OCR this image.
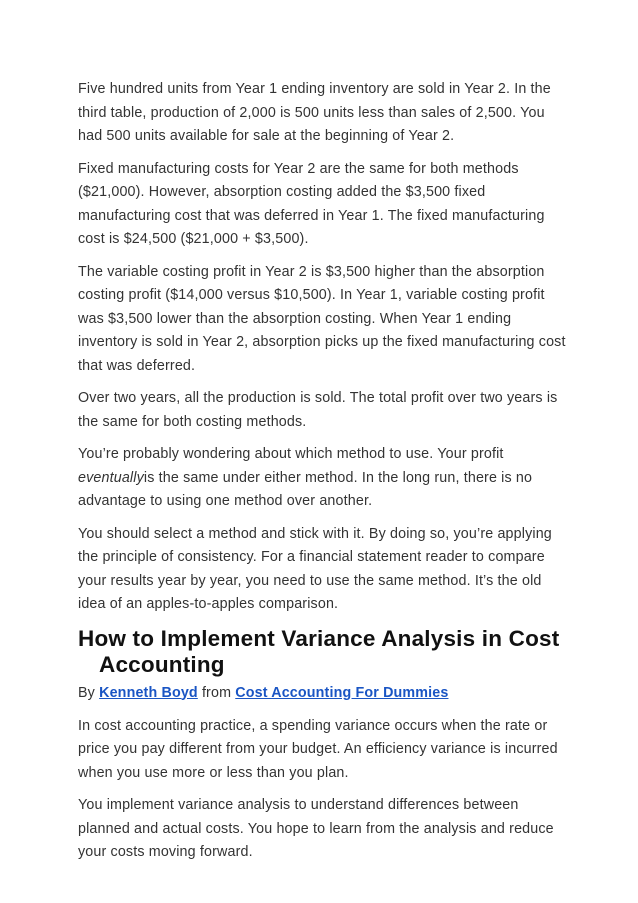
Five hundred units from Year 1 ending inventory are sold in Year 2. In the third table, production of 2,000 is 500 units less than sales of 2,500. You had 500 units available for sale at the beginning of Year 2.

Fixed manufacturing costs for Year 2 are the same for both methods ($21,000). However, absorption costing added the $3,500 fixed manufacturing cost that was deferred in Year 1. The fixed manufacturing cost is $24,500 ($21,000 + $3,500).

The variable costing profit in Year 2 is $3,500 higher than the absorption costing profit ($14,000 versus $10,500). In Year 1, variable costing profit was $3,500 lower than the absorption costing. When Year 1 ending inventory is sold in Year 2, absorption picks up the fixed manufacturing cost that was deferred.

Over two years, all the production is sold. The total profit over two years is the same for both costing methods.

You’re probably wondering about which method to use. Your profit eventuallyis the same under either method. In the long run, there is no advantage to using one method over another.

You should select a method and stick with it. By doing so, you’re applying the principle of consistency. For a financial statement reader to compare your results year by year, you need to use the same method. It’s the old idea of an apples-to-apples comparison.

How to Implement Variance Analysis in Cost Accounting
By Kenneth Boyd from Cost Accounting For Dummies

In cost accounting practice, a spending variance occurs when the rate or price you pay different from your budget. An efficiency variance is incurred when you use more or less than you plan.

You implement variance analysis to understand differences between planned and actual costs. You hope to learn from the analysis and reduce your costs moving forward.
